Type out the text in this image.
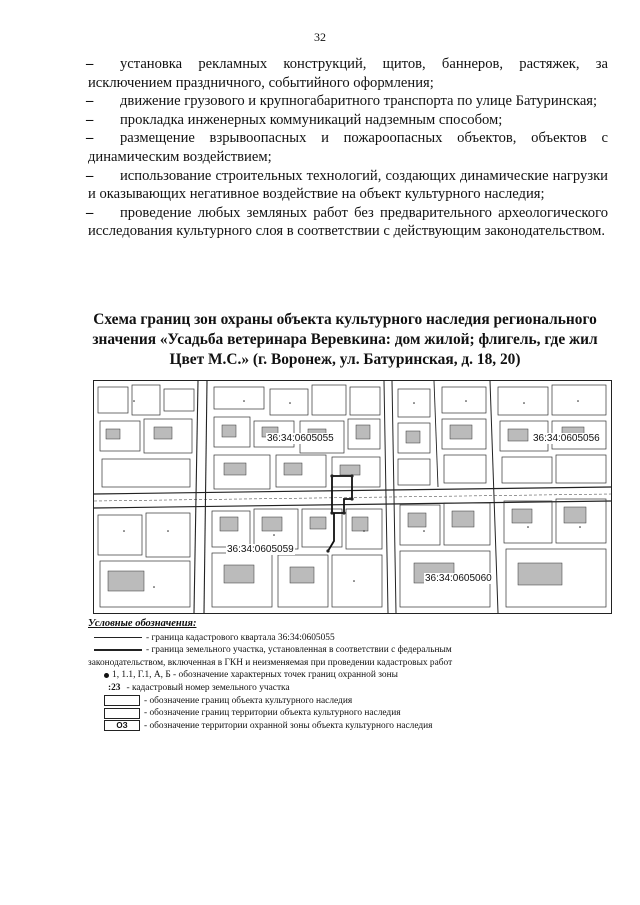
32
– установка рекламных конструкций, щитов, баннеров, растяжек, за исключением праздничного, событийного оформления;
– движение грузового и крупногабаритного транспорта по улице Батуринская;
– прокладка инженерных коммуникаций надземным способом;
– размещение взрывоопасных и пожароопасных объектов, объектов с динамическим воздействием;
– использование строительных технологий, создающих динамические нагрузки и оказывающих негативное воздействие на объект культурного наследия;
– проведение любых земляных работ без предварительного археологического исследования культурного слоя в соответствии с действующим законодательством.
Схема границ зон охраны объекта культурного наследия регионального значения «Усадьба ветеринара Веревкина: дом жилой; флигель, где жил Цвет М.С.» (г. Воронеж, ул. Батуринская, д. 18, 20)
36:34:0605055	36:34:0605056
36:34:0605059
36:34:0605060
Условные обозначения:
- граница кадастрового квартала 36:34:0605055
- граница земельного участка, установленная в соответствии с федеральным
законодательством, включенная в ГКН и неизменяемая при проведении кадастровых работ
1, 1.1, Г.1, А, Б - обозначение характерных точек границ охранной зоны
:23 - кадастровый номер земельного участка
- обозначение границ объекта культурного наследия
- обозначение границ территории объекта культурного наследия
ОЗ - обозначение территории охранной зоны объекта культурного наследия
